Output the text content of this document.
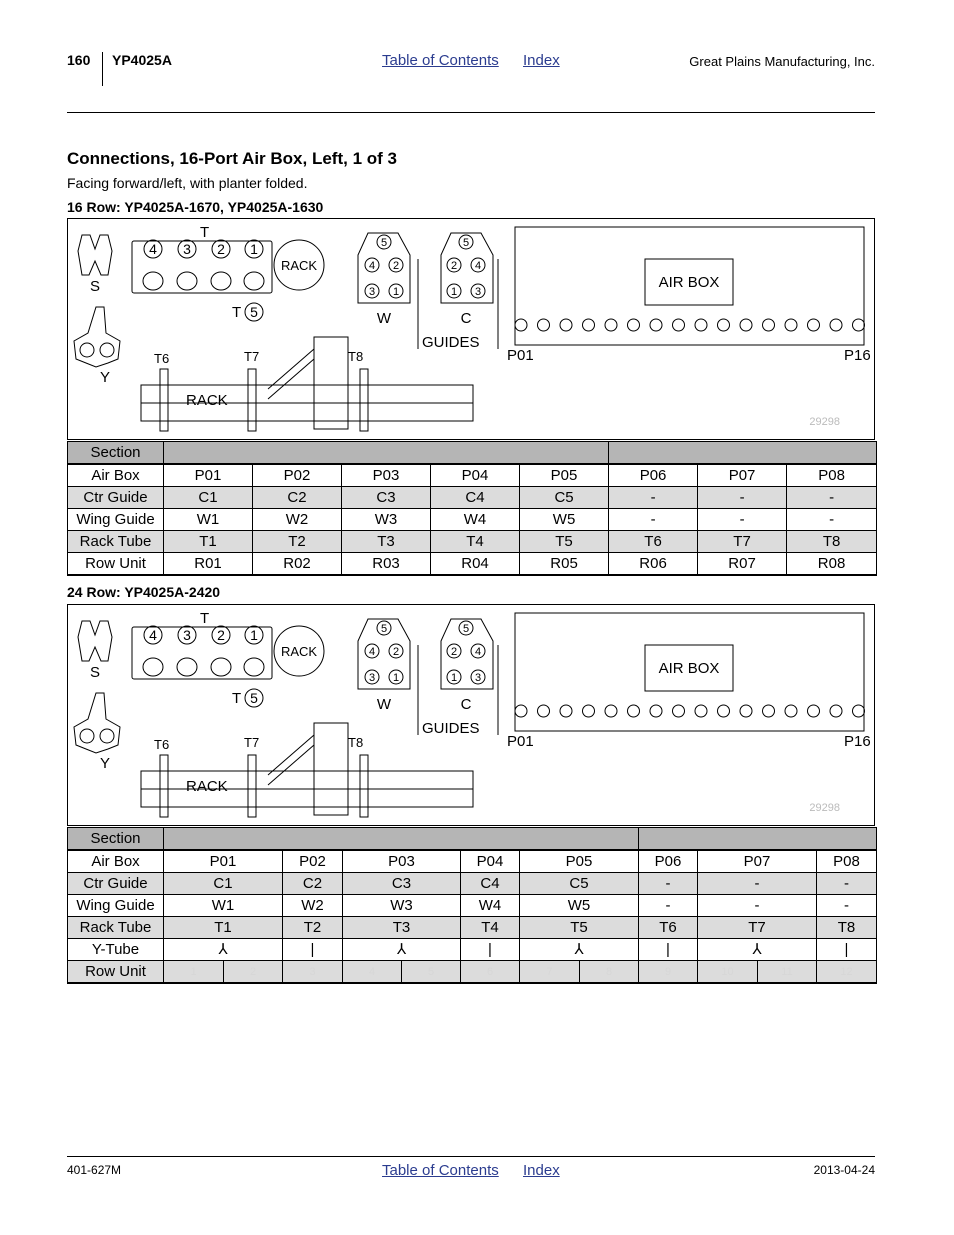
160 YP4025A	Table of Contents Index	Great Plains Manufacturing, Inc.
Connections, 16-Port Air Box, Left, 1 of 3
Facing forward/left, with planter folded.
16 Row: YP4025A-1670, YP4025A-1630
S
Y
4 3 2 1
T
T 5
RACK
5
4 2
3 1
W
5
2 4
1 3
C
GUIDES
AIR BOX
P01	P16
T6	T7	T8
RACK
29298
Section								
Air Box	P01	P02	P03	P04	P05	P06	P07	P08
Ctr Guide	C1	C2	C3	C4	C5	-	-	-
Wing Guide	W1	W2	W3	W4	W5	-	-	-
Rack Tube	T1	T2	T3	T4	T5	T6	T7	T8
Row Unit	R01	R02	R03	R04	R05	R06	R07	R08
24 Row: YP4025A-2420
S
Y
4 3 2 1
T
T 5
RACK
5
4 2
3 1
W
5
2 4
1 3
C
GUIDES
AIR BOX
P01	P16
T6	T7	T8
RACK
29298
Section												
Air Box	P01		P02	P03		P04	P05		P06	P07		P08
Ctr Guide	C1		C2	C3		C4	C5		-	-		-
Wing Guide	W1		W2	W3		W4	W5		-	-		-
Rack Tube	T1		T2	T3		T4	T5		T6	T7		T8
Y-Tube	⅄		|	⅄		|	⅄		|	⅄		|
Row Unit	1	2	3	4	5	6	7	8	9	10	11	12
401-627M	Table of Contents Index	2013-04-24
